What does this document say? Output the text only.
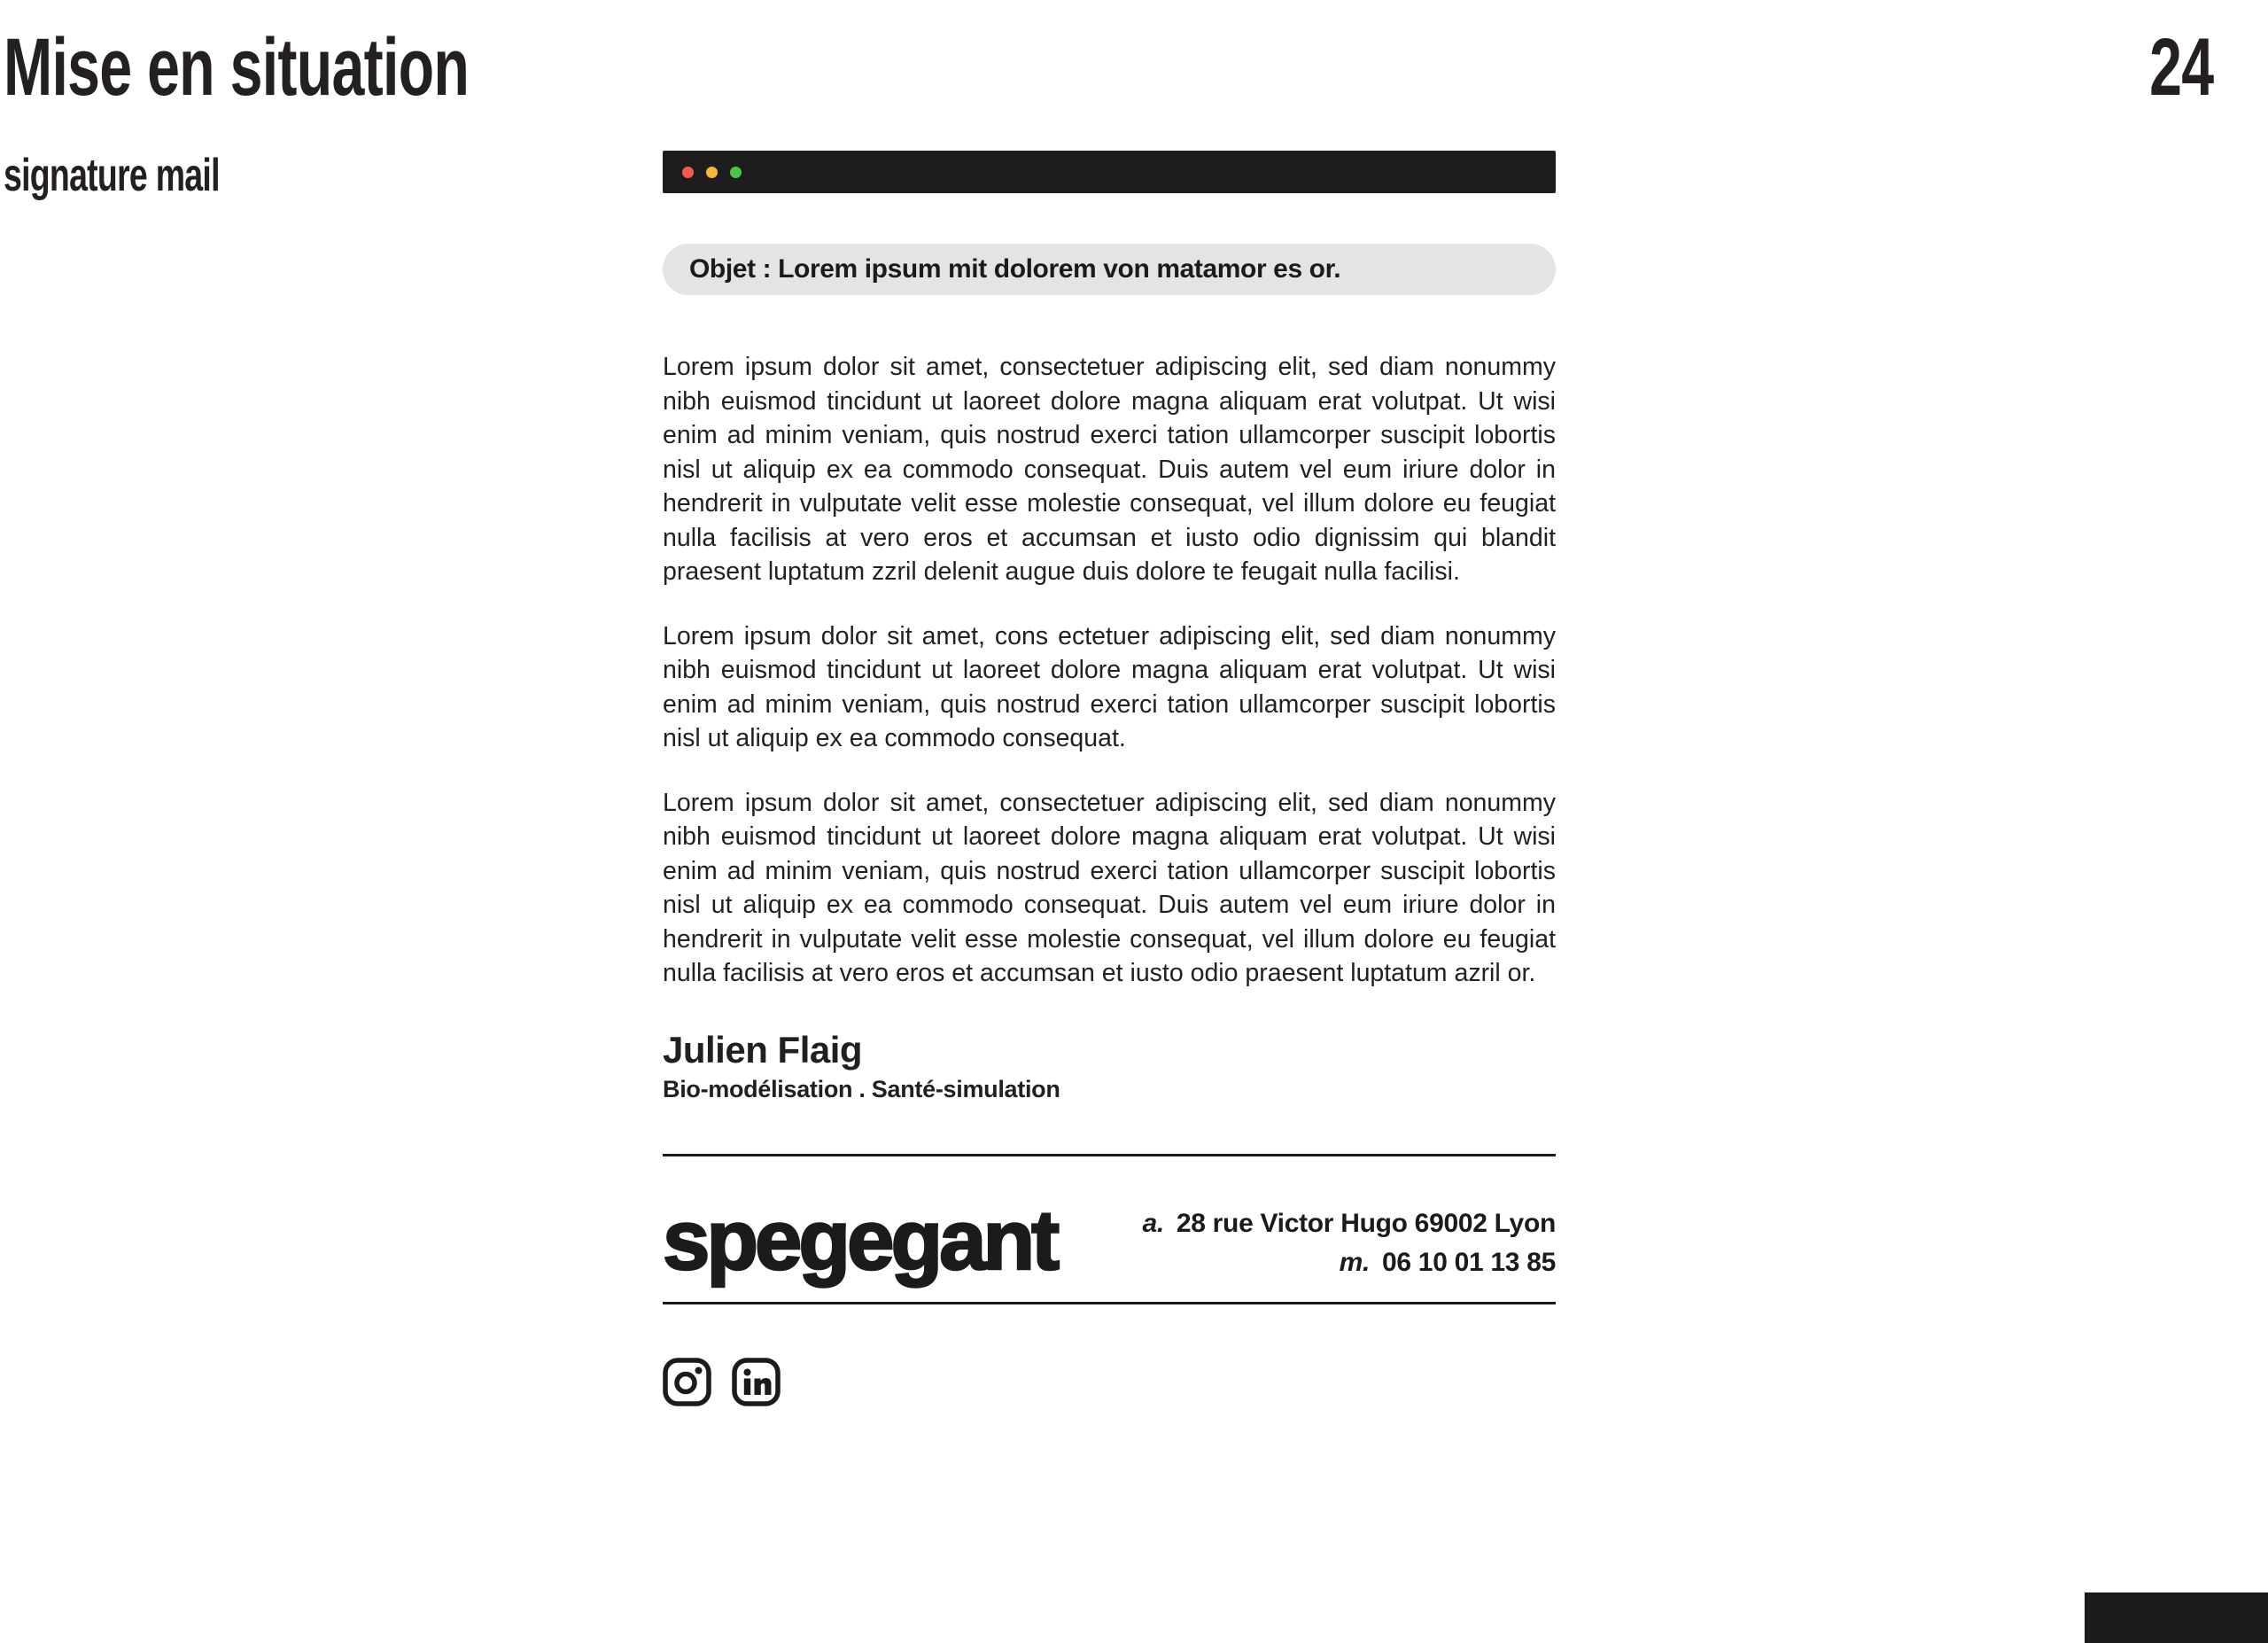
Mise en situation	24
signature mail
Objet : Lorem ipsum mit dolorem von matamor es or.

Lorem ipsum dolor sit amet, consectetuer adipiscing elit, sed diam nonummy nibh euismod tincidunt ut laoreet dolore magna aliquam erat volutpat. Ut wisi enim ad minim veniam, quis nostrud exerci tation ullamcorper suscipit lobortis nisl ut aliquip ex ea commodo consequat. Duis autem vel eum iriure dolor in hendrerit in vulputate velit esse molestie consequat, vel illum dolore eu feugiat nulla facilisis at vero eros et accumsan et iusto odio dignissim qui blandit praesent luptatum zzril delenit augue duis dolore te feugait nulla facilisi.

Lorem ipsum dolor sit amet, cons ectetuer adipiscing elit, sed diam nonummy nibh euismod tincidunt ut laoreet dolore magna aliquam erat volutpat. Ut wisi enim ad minim veniam, quis nostrud exerci tation ullamcorper suscipit lobortis nisl ut aliquip ex ea commodo consequat.

Lorem ipsum dolor sit amet, consectetuer adipiscing elit, sed diam nonummy nibh euismod tincidunt ut laoreet dolore magna aliquam erat volutpat. Ut wisi enim ad minim veniam, quis nostrud exerci tation ullamcorper suscipit lobortis nisl ut aliquip ex ea commodo consequat. Duis autem vel eum iriure dolor in hendrerit in vulputate velit esse molestie consequat, vel illum dolore eu feugiat nulla facilisis at vero eros et accumsan et iusto odio praesent luptatum azril or.

Julien Flaig
Bio-modélisation . Santé-simulation
spegegant	a. 28 rue Victor Hugo 69002 Lyon
m. 06 10 01 13 85
